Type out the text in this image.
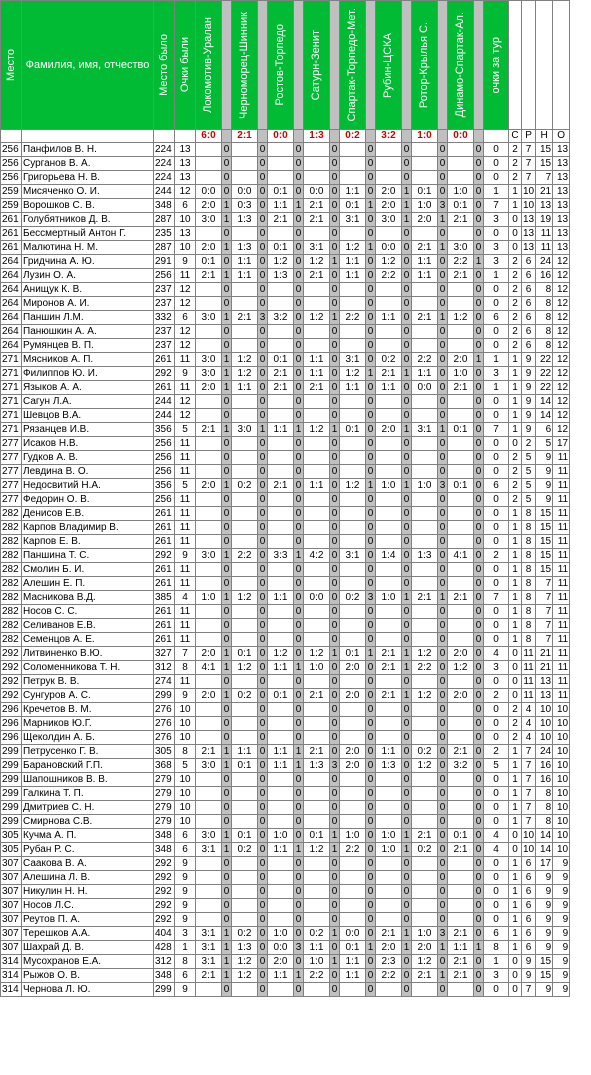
Место	Фамилия, имя, отчество	Место было	Очки были	Локомотив-Уралан		Черноморец-Шинник		Ростов-Торпедо		Сатурн-Зенит		Спартак-Торпедо-Мет.		Рубин-ЦСКА		Ротор-Крылья С.		Динамо-Спартак-Ал.		очки за тур				

				6:0		2:1		0:0		1:3		0:2		3:2		1:0		0:0			С	Р	Н	О
256	Панфилов В. Н.	224	13		0		0		0		0		0		0		0		0	0	2	7	15	13
256	Сурганов В. А.	224	13		0		0		0		0		0		0		0		0	0	2	7	15	13
256	Григорьева Н. В.	224	13		0		0		0		0		0		0		0		0	0	2	7	7	13
259	Мисяченко О. И.	244	12	0:0	0	0:0	0	0:1	0	0:0	0	1:1	0	2:0	1	0:1	0	1:0	0	1	1	10	21	13
259	Ворошков С. В.	348	6	2:0	1	0:3	0	1:1	1	2:1	0	0:1	1	2:0	1	1:0	3	0:1	0	7	1	10	13	13
261	Голубятников Д. В.	287	10	3:0	1	1:3	0	2:1	0	2:1	0	3:1	0	3:0	1	2:0	1	2:1	0	3	0	13	19	13
261	Бессмертный Антон Г.	235	13		0		0		0		0		0		0		0		0	0	0	13	11	13
261	Малютина Н. М.	287	10	2:0	1	1:3	0	0:1	0	3:1	0	1:2	1	0:0	0	2:1	1	3:0	0	3	0	13	11	13
264	Гридчина А. Ю.	291	9	0:1	0	1:1	0	1:2	0	1:2	1	1:1	0	1:2	0	1:1	0	2:2	1	3	2	6	24	12
264	Лузин О. А.	256	11	2:1	1	1:1	0	1:3	0	2:1	0	1:1	0	2:2	0	1:1	0	2:1	0	1	2	6	16	12
264	Анищук К. В.	237	12		0		0		0		0		0		0		0		0	0	2	6	8	12
264	Миронов А. И.	237	12		0		0		0		0		0		0		0		0	0	2	6	8	12
264	Паншин Л.М.	332	6	3:0	1	2:1	3	3:2	0	1:2	1	2:2	0	1:1	0	2:1	1	1:2	0	6	2	6	8	12
264	Панюшкин А. А.	237	12		0		0		0		0		0		0		0		0	0	2	6	8	12
264	Румянцев В. П.	237	12		0		0		0		0		0		0		0		0	0	2	6	8	12
271	Мясников А. П.	261	11	3:0	1	1:2	0	0:1	0	1:1	0	3:1	0	0:2	0	2:2	0	2:0	1	1	1	9	22	12
271	Филиппов Ю. И.	292	9	3:0	1	1:2	0	2:1	0	1:1	0	1:2	1	2:1	1	1:1	0	1:0	0	3	1	9	22	12
271	Языков А. А.	261	11	2:0	1	1:1	0	2:1	0	2:1	0	1:1	0	1:1	0	0:0	0	2:1	0	1	1	9	22	12
271	Сагун Л.А.	244	12		0		0		0		0		0		0		0		0	0	1	9	14	12
271	Шевцов В.А.	244	12		0		0		0		0		0		0		0		0	0	1	9	14	12
271	Рязанцев И.В.	356	5	2:1	1	3:0	1	1:1	1	1:2	1	0:1	0	2:0	1	3:1	1	0:1	0	7	1	9	6	12
277	Исаков Н.В.	256	11		0		0		0		0		0		0		0		0	0	0	2	5	17
277	Гудков А. В.	256	11		0		0		0		0		0		0		0		0	0	2	5	9	11
277	Левдина В. О.	256	11		0		0		0		0		0		0		0		0	0	2	5	9	11
277	Недосвитий Н.А.	356	5	2:0	1	0:2	0	2:1	0	1:1	0	1:2	1	1:0	1	1:0	3	0:1	0	6	2	5	9	11
277	Федорин О. В.	256	11		0		0		0		0		0		0		0		0	0	2	5	9	11
282	Денисов Е.В.	261	11		0		0		0		0		0		0		0		0	0	1	8	15	11
282	Карпов Владимир В.	261	11		0		0		0		0		0		0		0		0	0	1	8	15	11
282	Карпов Е. В.	261	11		0		0		0		0		0		0		0		0	0	1	8	15	11
282	Паншина Т. С.	292	9	3:0	1	2:2	0	3:3	1	4:2	0	3:1	0	1:4	0	1:3	0	4:1	0	2	1	8	15	11
282	Смолин Б. И.	261	11		0		0		0		0		0		0		0		0	0	1	8	15	11
282	Алешин Е. П.	261	11		0		0		0		0		0		0		0		0	0	1	8	7	11
282	Масникова В.Д.	385	4	1:0	1	1:2	0	1:1	0	0:0	0	0:2	3	1:0	1	2:1	1	2:1	0	7	1	8	7	11
282	Носов С. С.	261	11		0		0		0		0		0		0		0		0	0	1	8	7	11
282	Селиванов Е.В.	261	11		0		0		0		0		0		0		0		0	0	1	8	7	11
282	Семенцов А. Е.	261	11		0		0		0		0		0		0		0		0	0	1	8	7	11
292	Литвиненко В.Ю.	327	7	2:0	1	0:1	0	1:2	0	1:2	1	0:1	1	2:1	1	1:2	0	2:0	0	4	0	11	21	11
292	Соломенникова Т. Н.	312	8	4:1	1	1:2	0	1:1	1	1:0	0	2:0	0	2:1	1	2:2	0	1:2	0	3	0	11	21	11
292	Петрук В. В.	274	11		0		0		0		0		0		0		0		0	0	0	11	13	11
292	Сунгуров А. С.	299	9	2:0	1	0:2	0	0:1	0	2:1	0	2:0	0	2:1	1	1:2	0	2:0	0	2	0	11	13	11
296	Кречетов В. М.	276	10		0		0		0		0		0		0		0		0	0	2	4	10	10
296	Марников Ю.Г.	276	10		0		0		0		0		0		0		0		0	0	2	4	10	10
296	Щеколдин А. Б.	276	10		0		0		0		0		0		0		0		0	0	2	4	10	10
299	Петрусенко Г. В.	305	8	2:1	1	1:1	0	1:1	1	2:1	0	2:0	0	1:1	0	0:2	0	2:1	0	2	1	7	24	10
299	Барановский Г.П.	368	5	3:0	1	0:1	0	1:1	1	1:3	3	2:0	0	1:3	0	1:2	0	3:2	0	5	1	7	16	10
299	Шапошников В. В.	279	10		0		0		0		0		0		0		0		0	0	1	7	16	10
299	Галкина Т. П.	279	10		0		0		0		0		0		0		0		0	0	1	7	8	10
299	Дмитриев С. Н.	279	10		0		0		0		0		0		0		0		0	0	1	7	8	10
299	Смирнова С.В.	279	10		0		0		0		0		0		0		0		0	0	1	7	8	10
305	Кучма А. П.	348	6	3:0	1	0:1	0	1:0	0	0:1	1	1:0	0	1:0	1	2:1	0	0:1	0	4	0	10	14	10
305	Рубан Р. С.	348	6	3:1	1	0:2	0	1:1	1	1:2	1	2:2	0	1:0	1	0:2	0	2:1	0	4	0	10	14	10
307	Саакова В. А.	292	9		0		0		0		0		0		0		0		0	0	1	6	17	9
307	Алешина Л. В.	292	9		0		0		0		0		0		0		0		0	0	1	6	9	9
307	Никулин Н. Н.	292	9		0		0		0		0		0		0		0		0	0	1	6	9	9
307	Носов Л.С.	292	9		0		0		0		0		0		0		0		0	0	1	6	9	9
307	Реутов П. А.	292	9		0		0		0		0		0		0		0		0	0	1	6	9	9
307	Терешков А.А.	404	3	3:1	1	0:2	0	1:0	0	0:2	1	0:0	0	2:1	1	1:0	3	2:1	0	6	1	6	9	9
307	Шахрай Д. В.	428	1	3:1	1	1:3	0	0:0	3	1:1	0	0:1	1	2:0	1	2:0	1	1:1	1	8	1	6	9	9
314	Мусохранов Е.А.	312	8	3:1	1	1:2	0	2:0	0	1:0	1	1:1	0	2:3	0	1:2	0	2:1	0	1	0	9	15	9
314	Рыжов О. В.	348	6	2:1	1	1:2	0	1:1	1	2:2	0	1:1	0	2:2	0	2:1	1	2:1	0	3	0	9	15	9
314	Чернова Л. Ю.	299	9		0		0		0		0		0		0		0		0	0	0	7	9	9
